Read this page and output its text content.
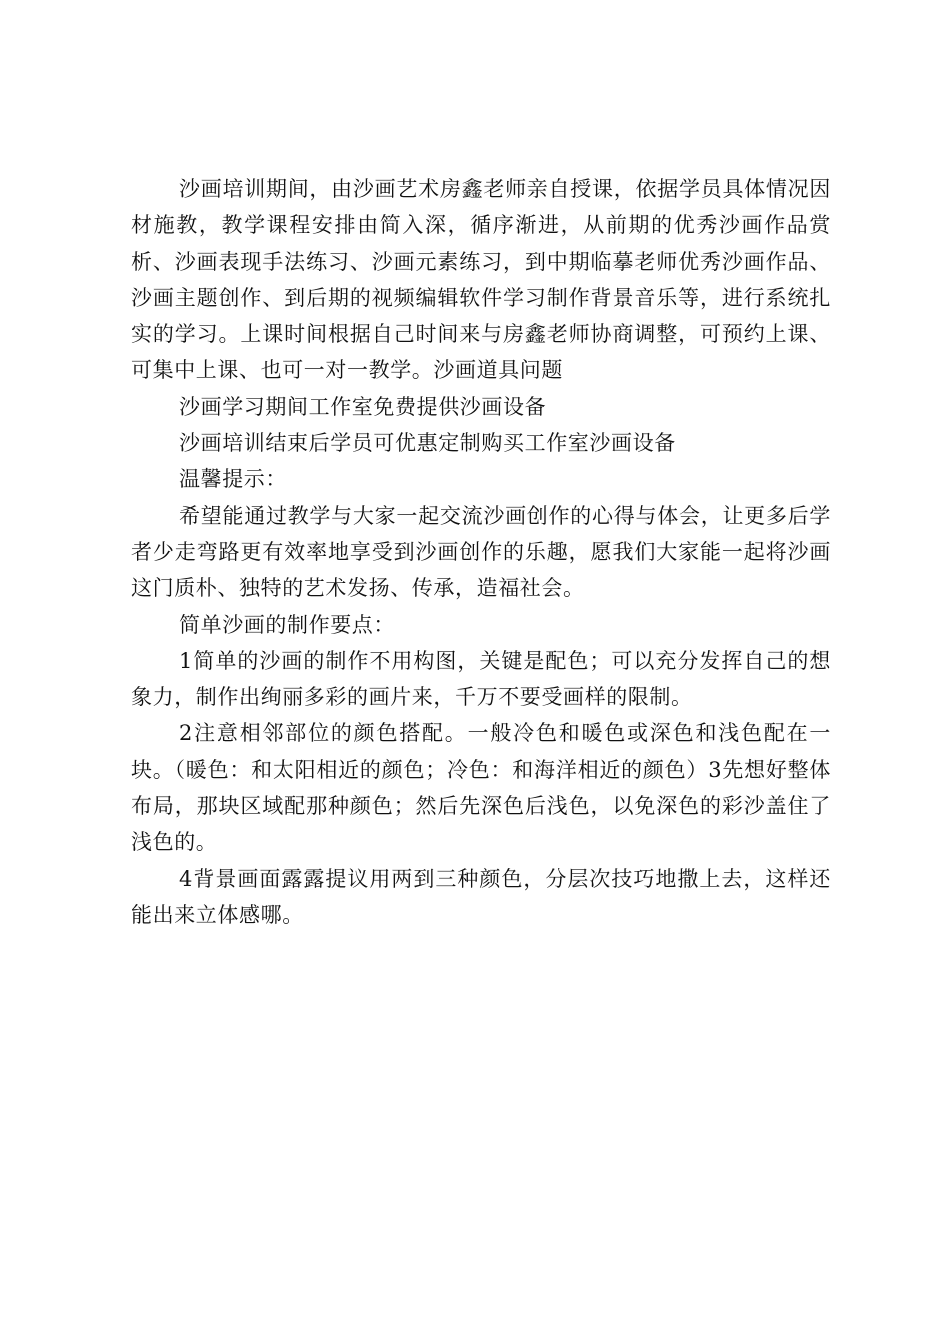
沙画培训期间，由沙画艺术房鑫老师亲自授课，依据学员具体情况因材施教，教学课程安排由简入深，循序渐进，从前期的优秀沙画作品赏析、沙画表现手法练习、沙画元素练习，到中期临摹老师优秀沙画作品、沙画主题创作、到后期的视频编辑软件学习制作背景音乐等，进行系统扎实的学习。上课时间根据自己时间来与房鑫老师协商调整，可预约上课、可集中上课、也可一对一教学。沙画道具问题

沙画学习期间工作室免费提供沙画设备

沙画培训结束后学员可优惠定制购买工作室沙画设备

温馨提示：

希望能通过教学与大家一起交流沙画创作的心得与体会，让更多后学者少走弯路更有效率地享受到沙画创作的乐趣，愿我们大家能一起将沙画这门质朴、独特的艺术发扬、传承，造福社会。

简单沙画的制作要点：

1简单的沙画的制作不用构图，关键是配色；可以充分发挥自己的想象力，制作出绚丽多彩的画片来，千万不要受画样的限制。

2注意相邻部位的颜色搭配。一般冷色和暖色或深色和浅色配在一块。（暖色：和太阳相近的颜色；冷色：和海洋相近的颜色）3先想好整体布局，那块区域配那种颜色；然后先深色后浅色，以免深色的彩沙盖住了浅色的。

4背景画面露露提议用两到三种颜色，分层次技巧地撒上去，这样还能出来立体感哪。
